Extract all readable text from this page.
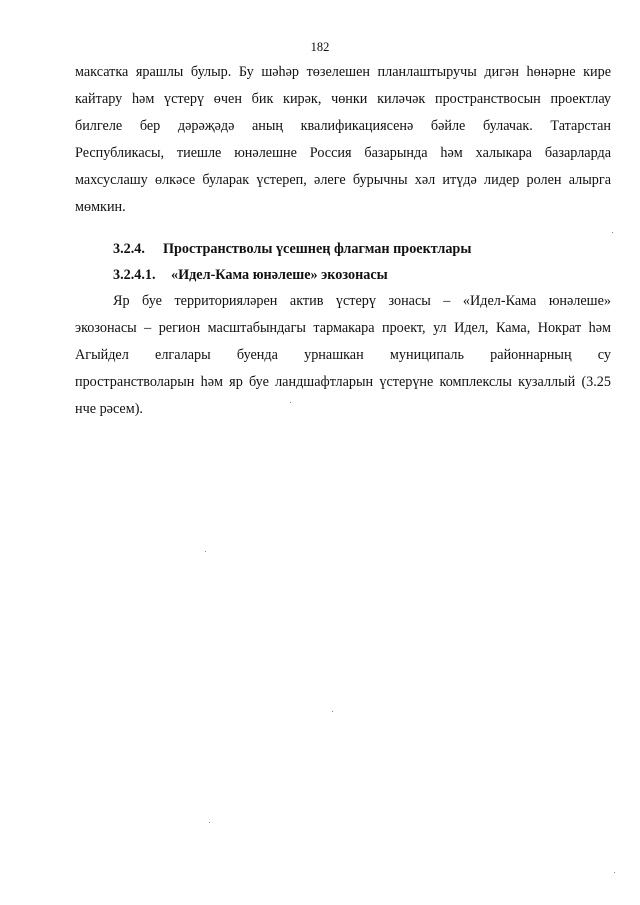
182
максатка ярашлы булыр. Бу шәһәр төзелешен планлаштыручы дигән һөнәрне кире
кайтару һәм үстерү өчен бик кирәк, чөнки киләчәк пространствосын проектлау
билгеле бер дәрәҗәдә аның квалификациясенә бәйле булачак. Татарстан
Республикасы, тиешле юнәлешне Россия базарында һәм халыкара базарларда
махсуслашу өлкәсе буларак үстереп, әлеге бурычны хәл итүдә лидер ролен алырга
мөмкин.
3.2.4. Пространстволы үсешнең флагман проектлары
3.2.4.1. «Идел-Кама юнәлеше» экозонасы
Яр буе территорияләрен актив үстерү зонасы – «Идел-Кама юнәлеше»
экозонасы – регион масштабындагы тармакара проект, ул Идел, Кама, Нократ һәм
Агыйдел елгалары буенда урнашкан муниципаль районнарның су
пространстволарын һәм яр буе ландшафтларын үстерүне комплекслы кузаллый (3.25
нче рәсем).
